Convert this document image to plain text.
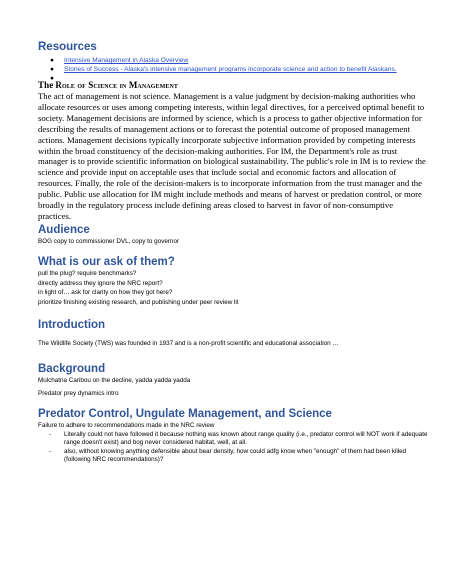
Resources
● Intensive Management in Alaska Overview
● Stories of Success - Alaska's intensive management programs incorporate science and action to benefit Alaskans.
●
The Role of Science in Management

The act of management is not science. Management is a value judgment by decision-making authorities who allocate resources or uses among competing interests, within legal directives, for a perceived optimal benefit to society. Management decisions are informed by science, which is a process to gather objective information for describing the results of management actions or to forecast the potential outcome of proposed management actions. Management decisions typically incorporate subjective information provided by competing interests within the broad constituency of the decision-making authorities. For IM, the Department's role as trust manager is to provide scientific information on biological sustainability. The public's role in IM is to review the science and provide input on acceptable uses that include social and economic factors and allocation of resources. Finally, the role of the decision-makers is to incorporate information from the trust manager and the public. Public use allocation for IM might include methods and means of harvest or predation control, or more broadly in the regulatory process include defining areas closed to harvest in favor of non-consumptive practices.

Audience

BOG copy to commissioner DVL, copy to governor

What is our ask of them?

pull the plug? require benchmarks?

directly address they ignore the NRC report?

in light of… ask for clarity on how they got here?

prioritize finishing existing research, and publishing under peer review lit

Introduction

The Wildlife Society (TWS) was founded in 1937 and is a non-profit scientific and educational association …

Background

Mulchatna Caribou on the decline, yadda yadda yadda

Predator prey dynamics intro

Predator Control, Ungulate Management, and Science

Failure to adhere to recommendations made in the NRC review

- Literally could not have followed it because nothing was known about range quality (i.e., predator control will NOT work if adequate range doesn't exist) and bog never considered habitat, well, at all.
- also, without knowing anything defensible about bear density, how could adfg know when "enough" of them had been killed (following NRC recommendations)?
